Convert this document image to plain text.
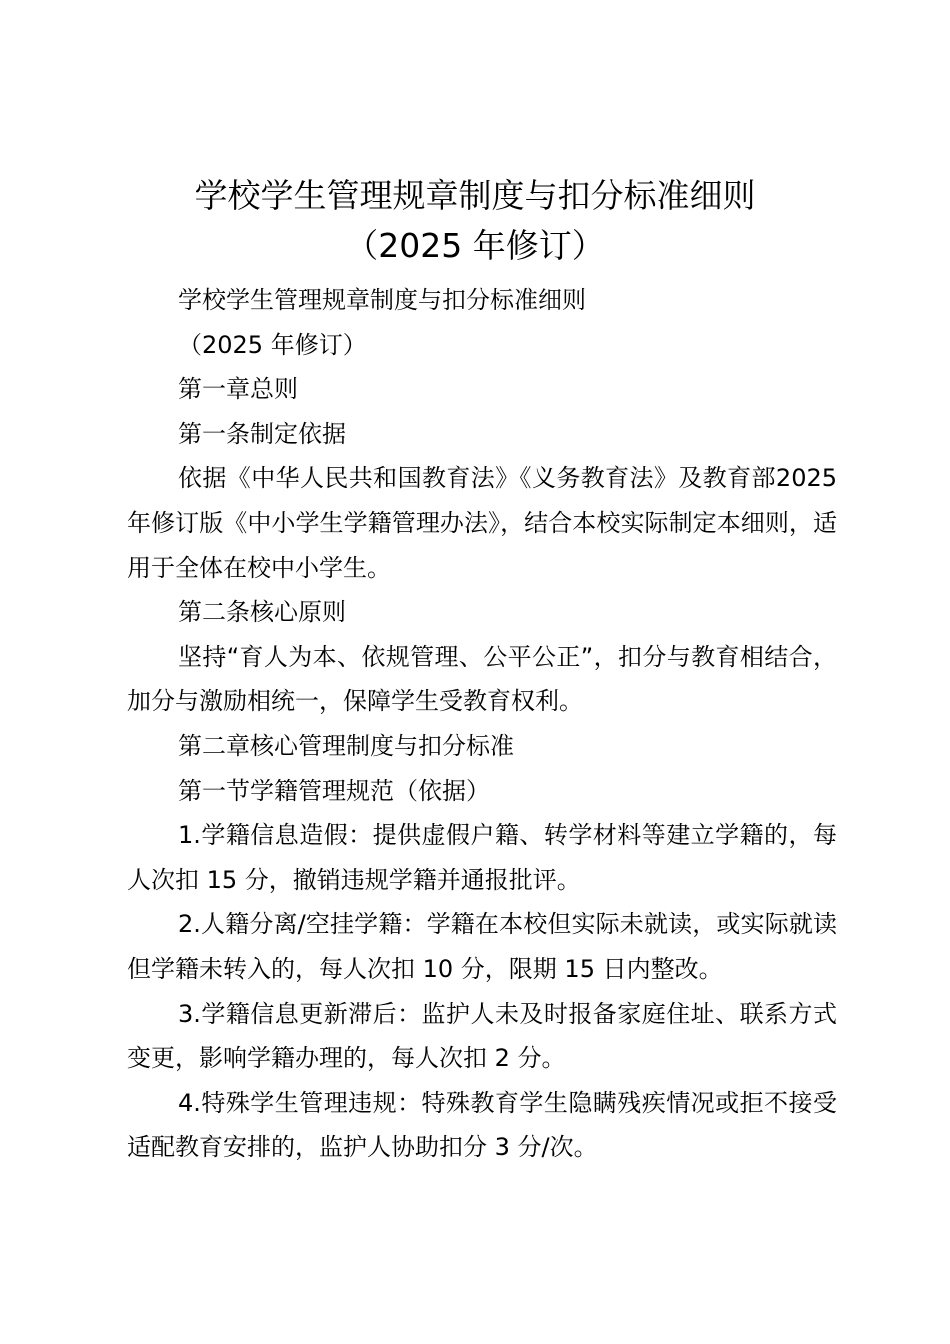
学校学生管理规章制度与扣分标准细则
（2025 年修订）

学校学生管理规章制度与扣分标准细则

（2025 年修订）

第一章总则

第一条制定依据

依据《中华人民共和国教育法》《义务教育法》及教育部2025 年修订版《中小学生学籍管理办法》，结合本校实际制定本细则，适用于全体在校中小学生。

第二条核心原则

坚持“育人为本、依规管理、公平公正”，扣分与教育相结合，加分与激励相统一，保障学生受教育权利。

第二章核心管理制度与扣分标准

第一节学籍管理规范（依据）

1.学籍信息造假：提供虚假户籍、转学材料等建立学籍的，每人次扣 15 分，撤销违规学籍并通报批评。

2.人籍分离/空挂学籍：学籍在本校但实际未就读，或实际就读但学籍未转入的，每人次扣 10 分，限期 15 日内整改。

3.学籍信息更新滞后：监护人未及时报备家庭住址、联系方式变更，影响学籍办理的，每人次扣 2 分。

4.特殊学生管理违规：特殊教育学生隐瞒残疾情况或拒不接受适配教育安排的，监护人协助扣分 3 分/次。
